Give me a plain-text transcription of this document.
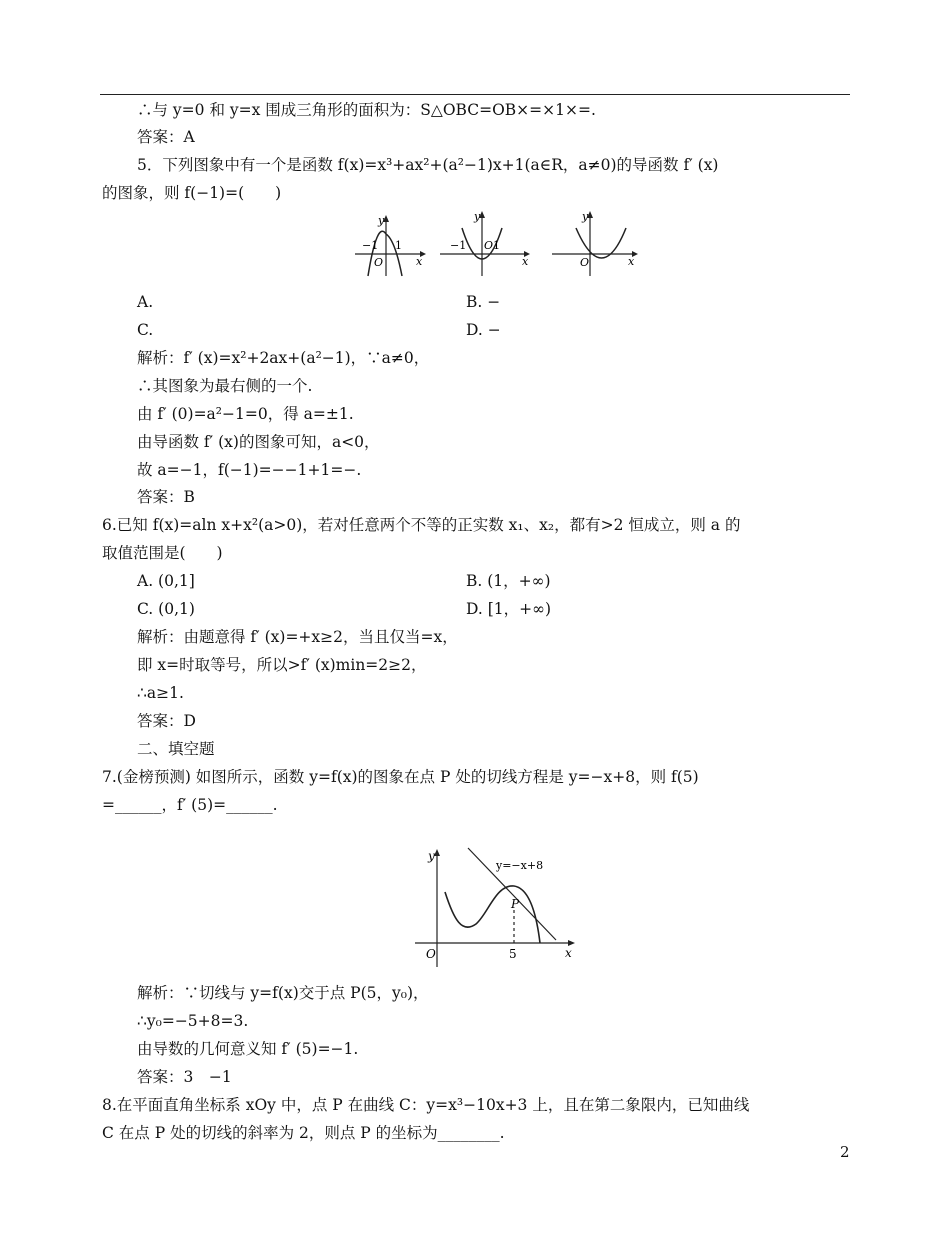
∴与 y=0 和 y=x 围成三角形的面积为：S△OBC=OB×=×1×=.
答案：A
5．下列图象中有一个是函数 f(x)=x³+ax²+(a²−1)x+1(a∈R，a≠0)的导函数 f′ (x)
的图象，则 f(−1)=(　　)
y
x
O
−1 1
y
x
O
−1 1
y
x
O
A.	B. −
C.	D. −
解析：f′ (x)=x²+2ax+(a²−1)，∵a≠0，
∴其图象为最右侧的一个.
由 f′ (0)=a²−1=0，得 a=±1.
由导函数 f′ (x)的图象可知，a<0，
故 a=−1，f(−1)=−−1+1=−.
答案：B
6.已知 f(x)=aln x+x²(a>0)，若对任意两个不等的正实数 x₁、x₂，都有>2 恒成立，则 a 的
取值范围是(　　)
A. (0,1]	B. (1，+∞)
C. (0,1)	D. [1，+∞)
解析：由题意得 f′ (x)=+x≥2，当且仅当=x，
即 x=时取等号，所以>f′ (x)min=2≥2，
∴a≥1.
答案：D
二、填空题
7.(金榜预测) 如图所示，函数 y=f(x)的图象在点 P 处的切线方程是 y=−x+8，则 f(5)
=______，f′ (5)=______.
y
x
O	5
P
y=−x+8
解析：∵切线与 y=f(x)交于点 P(5，y₀)，
∴y₀=−5+8=3.
由导数的几何意义知 f′ (5)=−1.
答案：3　−1
8.在平面直角坐标系 xOy 中，点 P 在曲线 C：y=x³−10x+3 上，且在第二象限内，已知曲线
C 在点 P 处的切线的斜率为 2，则点 P 的坐标为________.
2
